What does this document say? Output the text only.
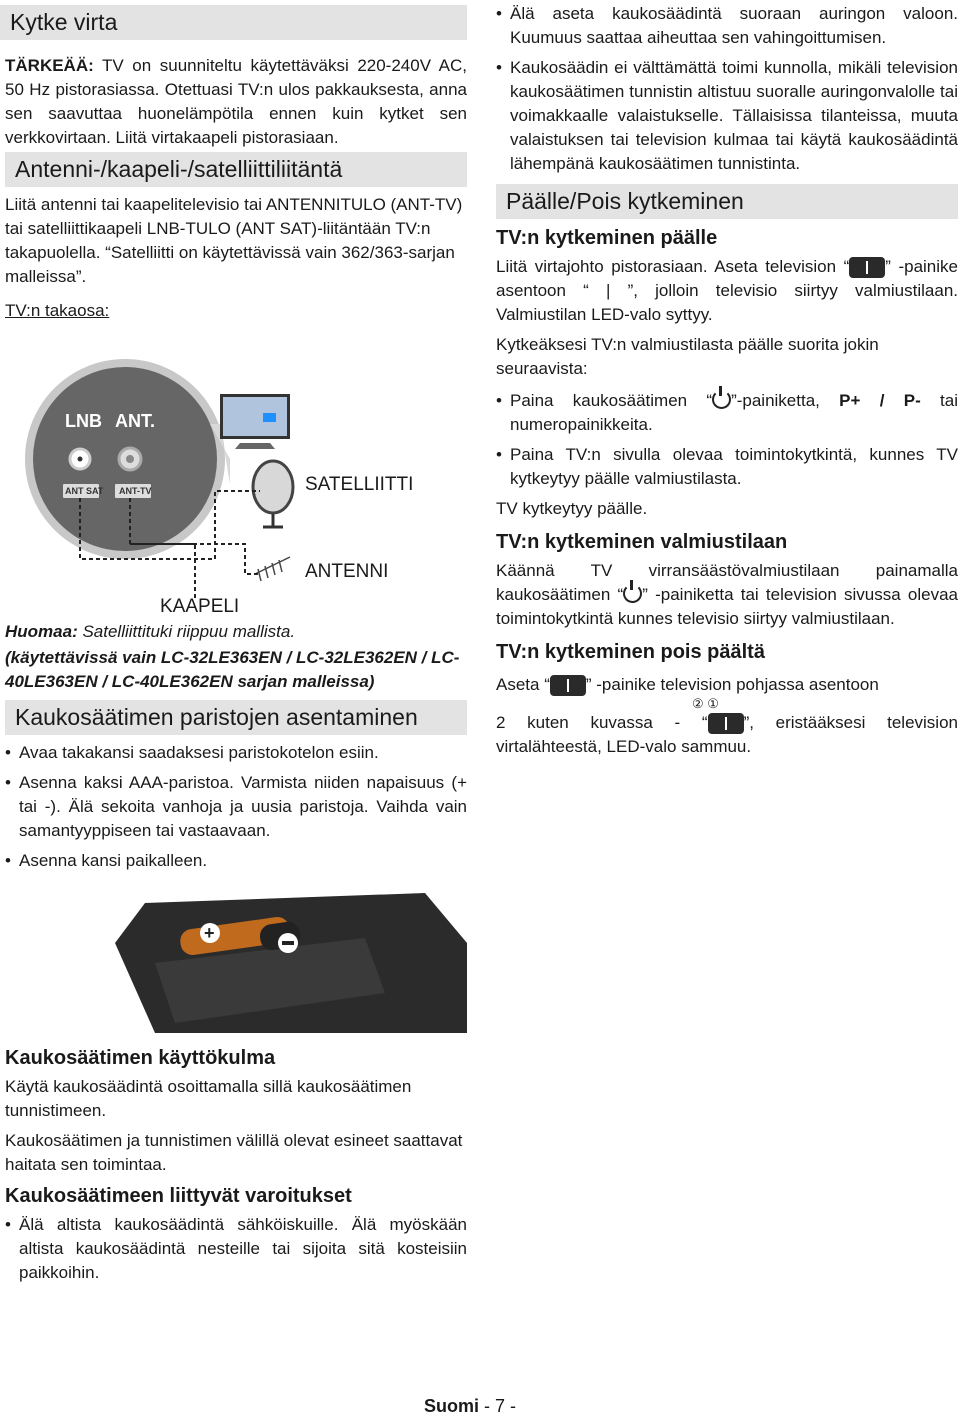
Kytke virta

TÄRKEÄÄ: TV on suunniteltu käytettäväksi 220-240V AC, 50 Hz pistorasiassa. Otettuasi TV:n ulos pakkauksesta, anna sen saavuttaa huonelämpötila ennen kuin kytket sen verkkovirtaan. Liitä virtakaapeli pistorasiaan.

Antenni-/kaapeli-/satelliittiliitäntä

Liitä antenni tai kaapelitelevisio tai ANTENNITULO (ANT-TV) tai satelliittikaapeli LNB-TULO (ANT SAT)-liitäntään TV:n takapuolella. “Satelliitti on käytettävissä vain 362/363-sarjan malleissa”.

TV:n takaosa:

LNB ANT.
ANT SAT ANT-TV	SATELLIITTI
ANTENNI
KAAPELI

Huomaa: Satelliittituki riippuu mallista.

(käytettävissä vain LC-32LE363EN / LC-32LE362EN / LC-40LE363EN / LC-40LE362EN sarjan malleissa)

Kaukosäätimen paristojen asentaminen
• Avaa takakansi saadaksesi paristokotelon esiin.
• Asenna kaksi AAA-paristoa. Varmista niiden napaisuus (+ tai -). Älä sekoita vanhoja ja uusia paristoja. Vaihda vain samantyyppiseen tai vastaavaan.
• Asenna kansi paikalleen.
+

Kaukosäätimen käyttökulma

Käytä kaukosäädintä osoittamalla sillä kaukosäätimen tunnistimeen.

Kaukosäätimen ja tunnistimen välillä olevat esineet saattavat haitata sen toimintaa.

Kaukosäätimeen liittyvät varoitukset

• Älä altista kaukosäädintä sähköiskuille. Älä myöskään altista kaukosäädintä nesteille tai sijoita sitä kosteisiin paikkoihin.
• Älä aseta kaukosäädintä suoraan auringon valoon. Kuumuus saattaa aiheuttaa sen vahingoittumisen.
• Kaukosäädin ei välttämättä toimi kunnolla, mikäli television kaukosäätimen tunnistin altistuu suoralle auringonvalolle tai voimakkaalle valaistukselle. Tällaisissa tilanteissa, muuta valaistuksen tai television kulmaa tai käytä kaukosäädintä lähempänä kaukosäätimen tunnistinta.
Päälle/Pois kytkeminen

TV:n kytkeminen päälle

Liitä virtajohto pistorasiaan. Aseta television “ ” -painike asentoon “ | ”, jolloin televisio siirtyy valmiustilaan. Valmiustilan LED-valo syttyy.

Kytkeäksesi TV:n valmiustilasta päälle suorita jokin seuraavista:

• Paina kaukosäätimen “ ”-painiketta, P+ / P- tai numeropainikkeita.
• Paina TV:n sivulla olevaa toimintokytkintä, kunnes TV kytkeytyy päälle valmiustilasta.

TV kytkeytyy päälle.

TV:n kytkeminen valmiustilaan

Käännä TV virransäästövalmiustilaan painamalla kaukosäätimen “ ” -painiketta tai television sivussa olevaa toimintokytkintä kunnes televisio siirtyy valmiustilaan.

TV:n kytkeminen pois päältä

Aseta “ ” -painike television pohjassa asentoon

② ①

2 kuten kuvassa - “ ”, eristääksesi television virtalähteestä, LED-valo sammuu.

Suomi - 7 -
